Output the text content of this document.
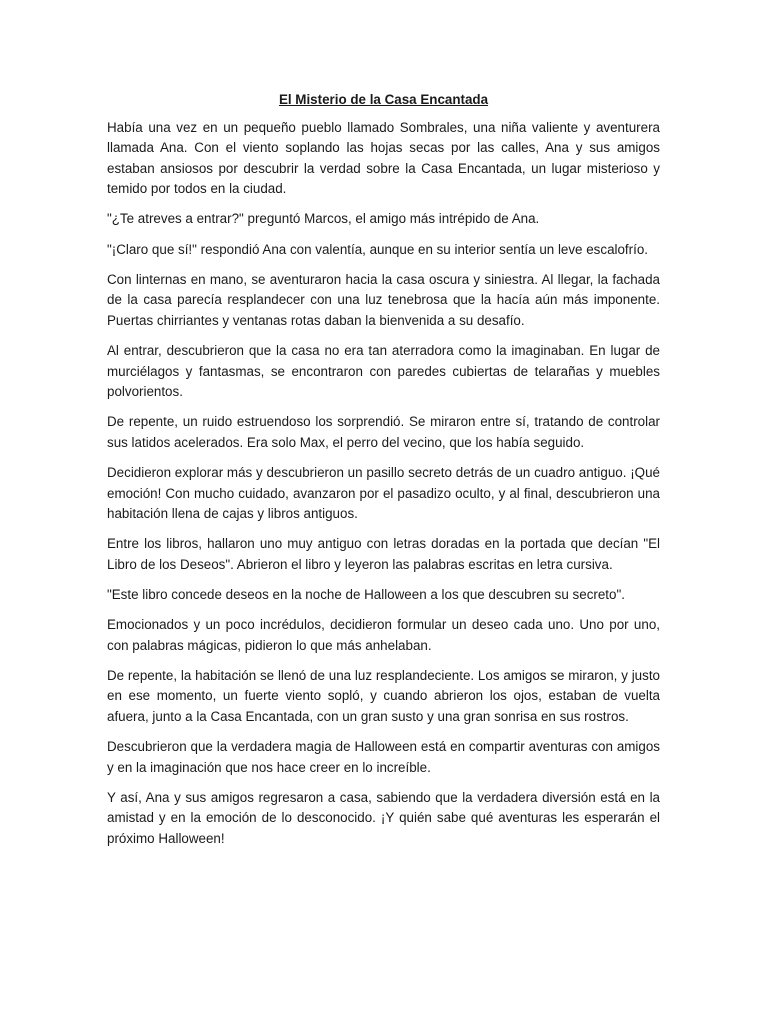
El Misterio de la Casa Encantada

Había una vez en un pequeño pueblo llamado Sombrales, una niña valiente y aventurera llamada Ana. Con el viento soplando las hojas secas por las calles, Ana y sus amigos estaban ansiosos por descubrir la verdad sobre la Casa Encantada, un lugar misterioso y temido por todos en la ciudad.

"¿Te atreves a entrar?" preguntó Marcos, el amigo más intrépido de Ana.

"¡Claro que sí!" respondió Ana con valentía, aunque en su interior sentía un leve escalofrío.

Con linternas en mano, se aventuraron hacia la casa oscura y siniestra. Al llegar, la fachada de la casa parecía resplandecer con una luz tenebrosa que la hacía aún más imponente. Puertas chirriantes y ventanas rotas daban la bienvenida a su desafío.

Al entrar, descubrieron que la casa no era tan aterradora como la imaginaban. En lugar de murciélagos y fantasmas, se encontraron con paredes cubiertas de telarañas y muebles polvorientos.

De repente, un ruido estruendoso los sorprendió. Se miraron entre sí, tratando de controlar sus latidos acelerados. Era solo Max, el perro del vecino, que los había seguido.

Decidieron explorar más y descubrieron un pasillo secreto detrás de un cuadro antiguo. ¡Qué emoción! Con mucho cuidado, avanzaron por el pasadizo oculto, y al final, descubrieron una habitación llena de cajas y libros antiguos.

Entre los libros, hallaron uno muy antiguo con letras doradas en la portada que decían "El Libro de los Deseos". Abrieron el libro y leyeron las palabras escritas en letra cursiva.

"Este libro concede deseos en la noche de Halloween a los que descubren su secreto".

Emocionados y un poco incrédulos, decidieron formular un deseo cada uno. Uno por uno, con palabras mágicas, pidieron lo que más anhelaban.

De repente, la habitación se llenó de una luz resplandeciente. Los amigos se miraron, y justo en ese momento, un fuerte viento sopló, y cuando abrieron los ojos, estaban de vuelta afuera, junto a la Casa Encantada, con un gran susto y una gran sonrisa en sus rostros.

Descubrieron que la verdadera magia de Halloween está en compartir aventuras con amigos y en la imaginación que nos hace creer en lo increíble.

Y así, Ana y sus amigos regresaron a casa, sabiendo que la verdadera diversión está en la amistad y en la emoción de lo desconocido. ¡Y quién sabe qué aventuras les esperarán el próximo Halloween!
